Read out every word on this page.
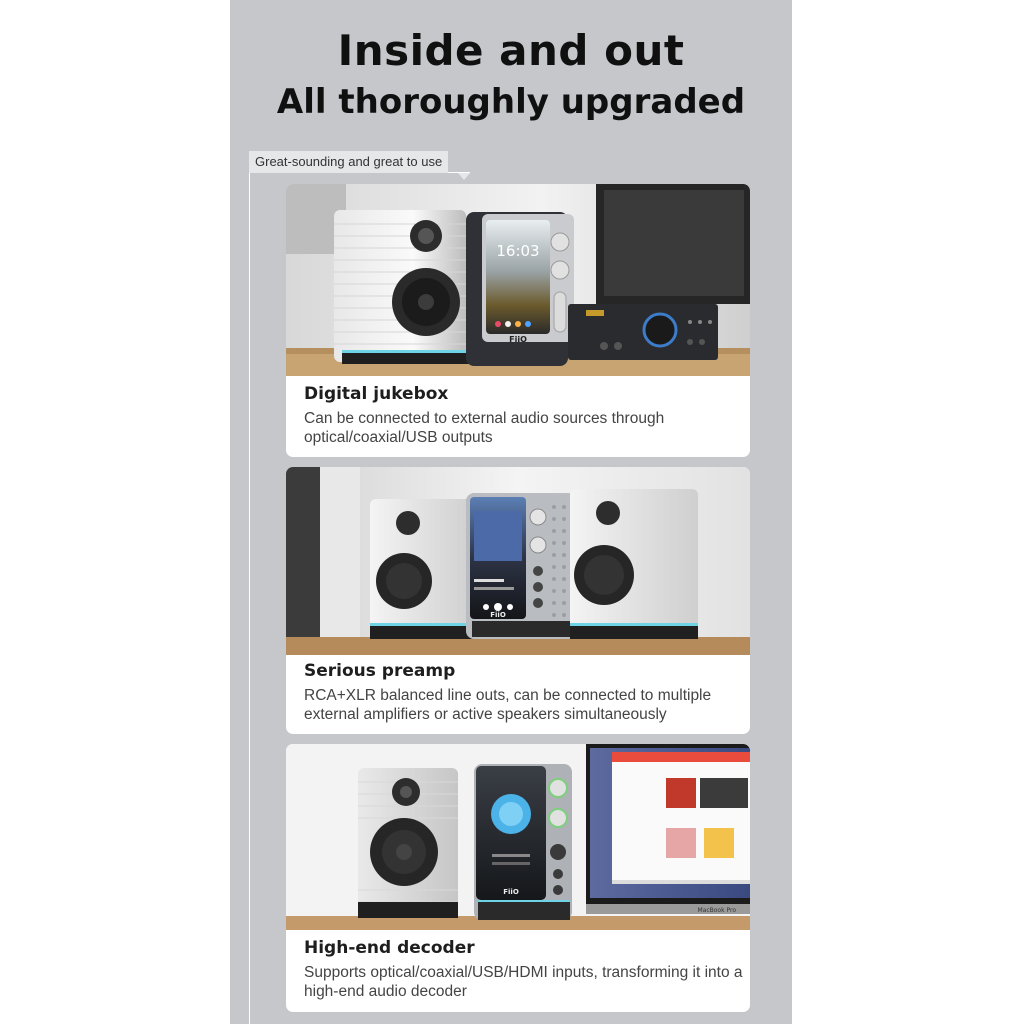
Inside and out
All thoroughly upgraded
Great-sounding and great to use
16:03
FiiO
Digital jukebox

Can be connected to external audio sources through optical/coaxial/USB outputs

FiiO
Serious preamp

RCA+XLR balanced line outs, can be connected to multiple external amplifiers or active speakers simultaneously

FiiO
MacBook Pro
High-end decoder

Supports optical/coaxial/USB/HDMI inputs, transforming it into a high-end audio decoder
